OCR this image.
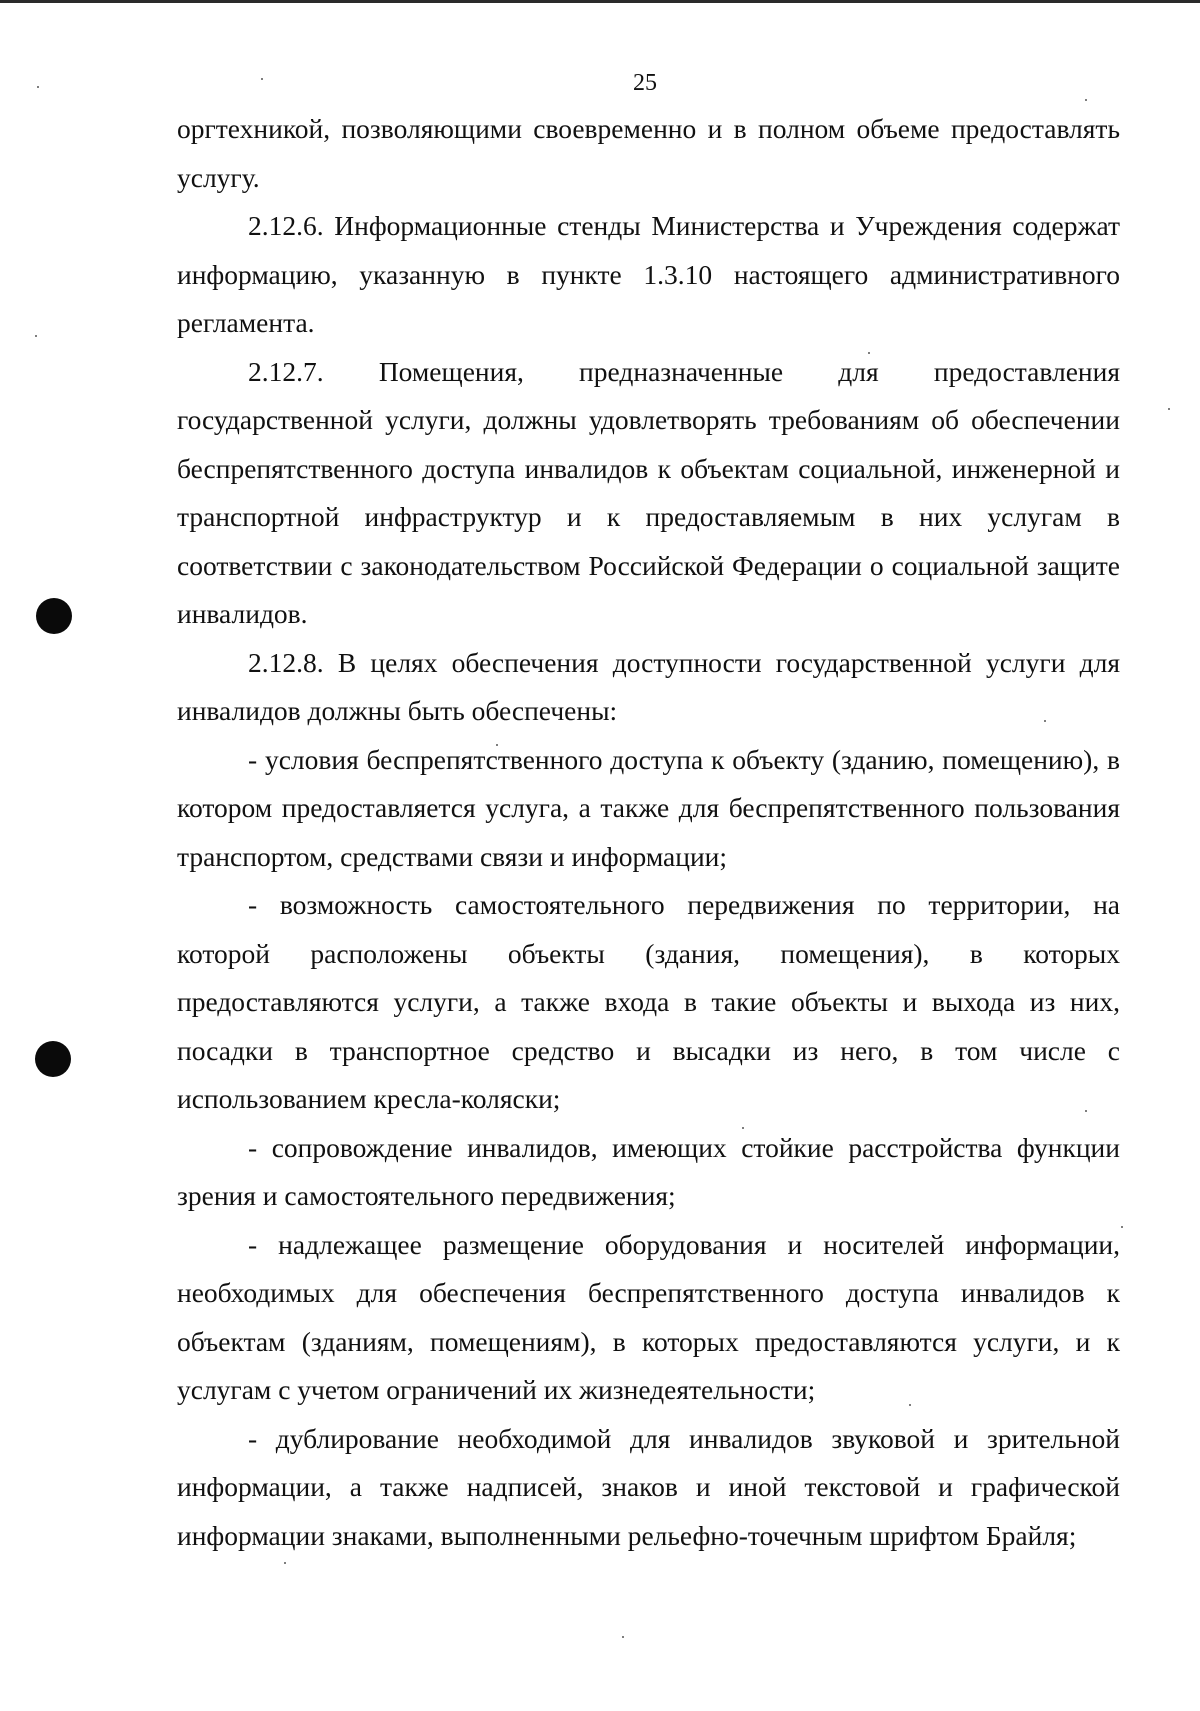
25

оргтехникой, позволяющими своевременно и в полном объеме предоставлять услугу.

2.12.6. Информационные стенды Министерства и Учреждения содержат информацию, указанную в пункте 1.3.10 настоящего административного регламента.

2.12.7. Помещения, предназначенные для предоставления государственной услуги, должны удовлетворять требованиям об обеспечении беспрепятственного доступа инвалидов к объектам социальной, инженерной и транспортной инфраструктур и к предоставляемым в них услугам в соответствии с законодательством Российской Федерации о социальной защите инвалидов.

2.12.8. В целях обеспечения доступности государственной услуги для инвалидов должны быть обеспечены:

- условия беспрепятственного доступа к объекту (зданию, помещению), в котором предоставляется услуга, а также для беспрепятственного пользования транспортом, средствами связи и информации;

- возможность самостоятельного передвижения по территории, на которой расположены объекты (здания, помещения), в которых предоставляются услуги, а также входа в такие объекты и выхода из них, посадки в транспортное средство и высадки из него, в том числе с использованием кресла-коляски;

- сопровождение инвалидов, имеющих стойкие расстройства функции зрения и самостоятельного передвижения;

- надлежащее размещение оборудования и носителей информации, необходимых для обеспечения беспрепятственного доступа инвалидов к объектам (зданиям, помещениям), в которых предоставляются услуги, и к услугам с учетом ограничений их жизнедеятельности;

- дублирование необходимой для инвалидов звуковой и зрительной информации, а также надписей, знаков и иной текстовой и графической информации знаками, выполненными рельефно-точечным шрифтом Брайля;
